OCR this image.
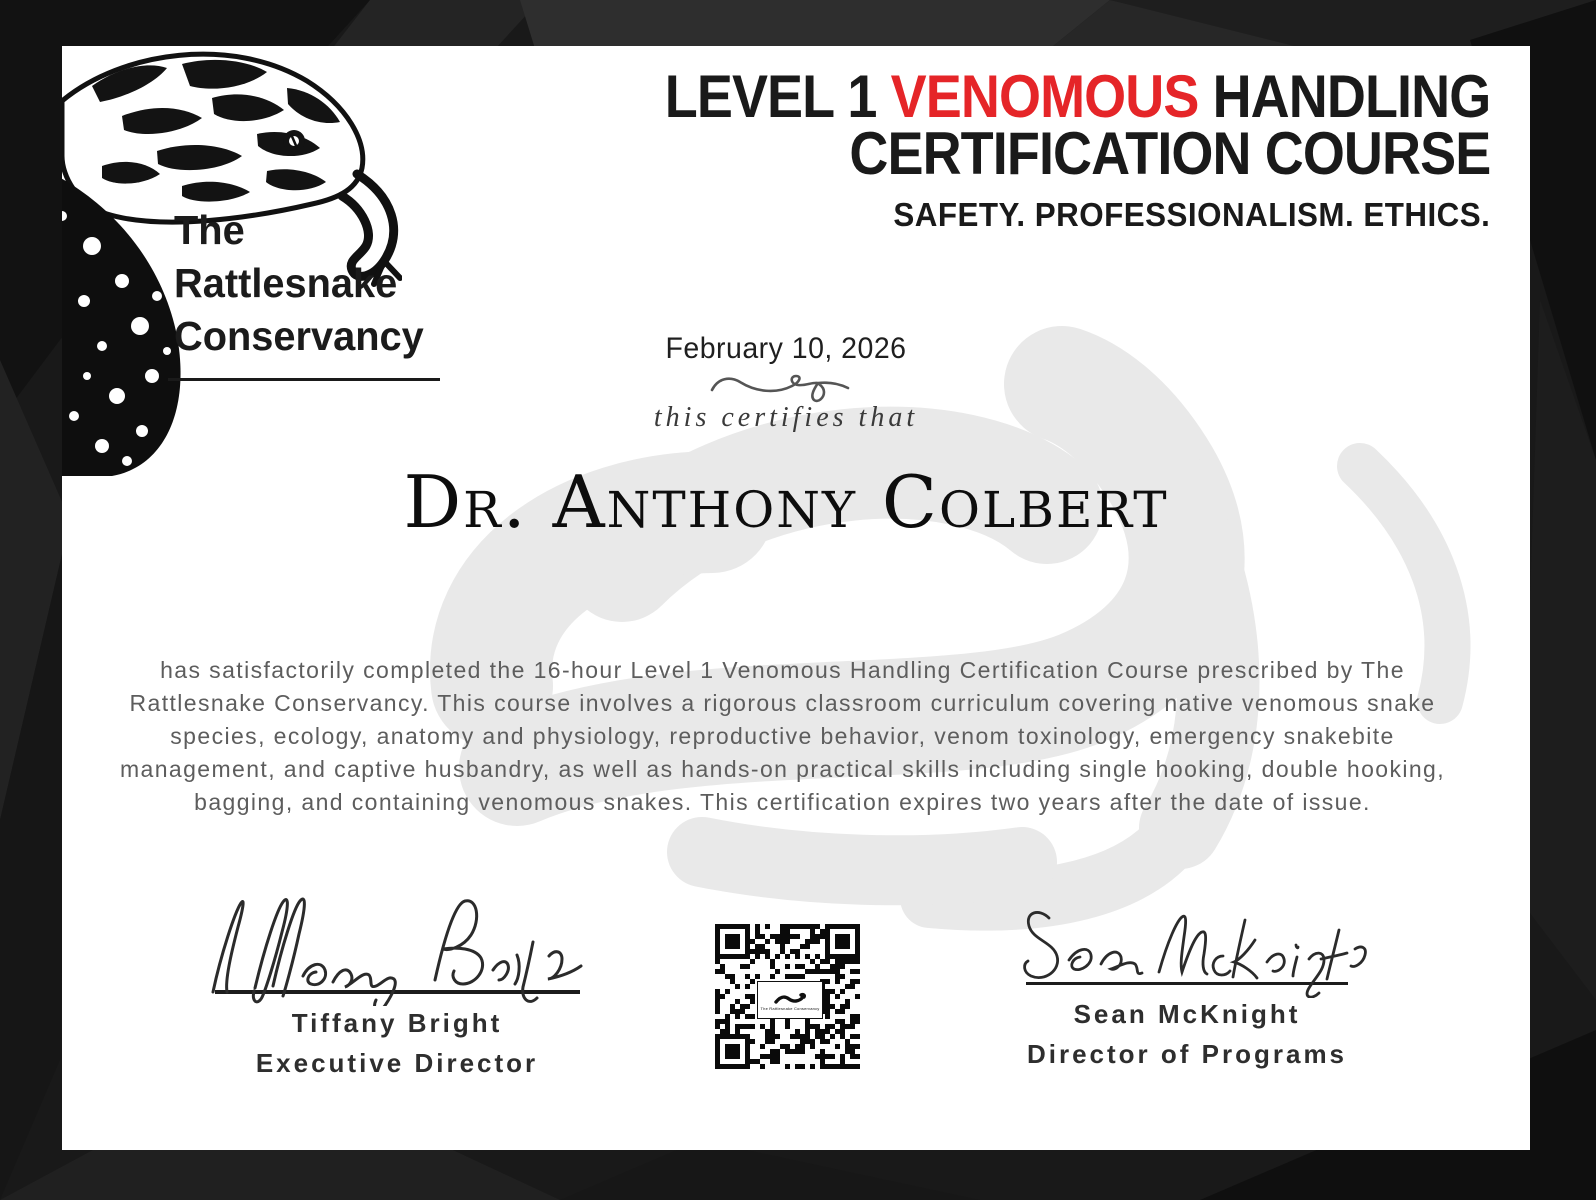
The
Rattlesnake
Conservancy
LEVEL 1 VENOMOUS HANDLING
CERTIFICATION COURSE
SAFETY. PROFESSIONALISM. ETHICS.
February 10, 2026
this certifies that
Dr. Anthony Colbert
has satisfactorily completed the 16-hour Level 1 Venomous Handling Certification Course prescribed by The Rattlesnake Conservancy. This course involves a rigorous classroom curriculum covering native venomous snake species, ecology, anatomy and physiology, reproductive behavior, venom toxinology, emergency snakebite management, and captive husbandry, as well as hands-on practical skills including single hooking, double hooking, bagging, and containing venomous snakes. This certification expires two years after the date of issue.
Tiffany Bright
Executive Director
The Rattlesnake Conservancy	Sean McKnight
Director of Programs
